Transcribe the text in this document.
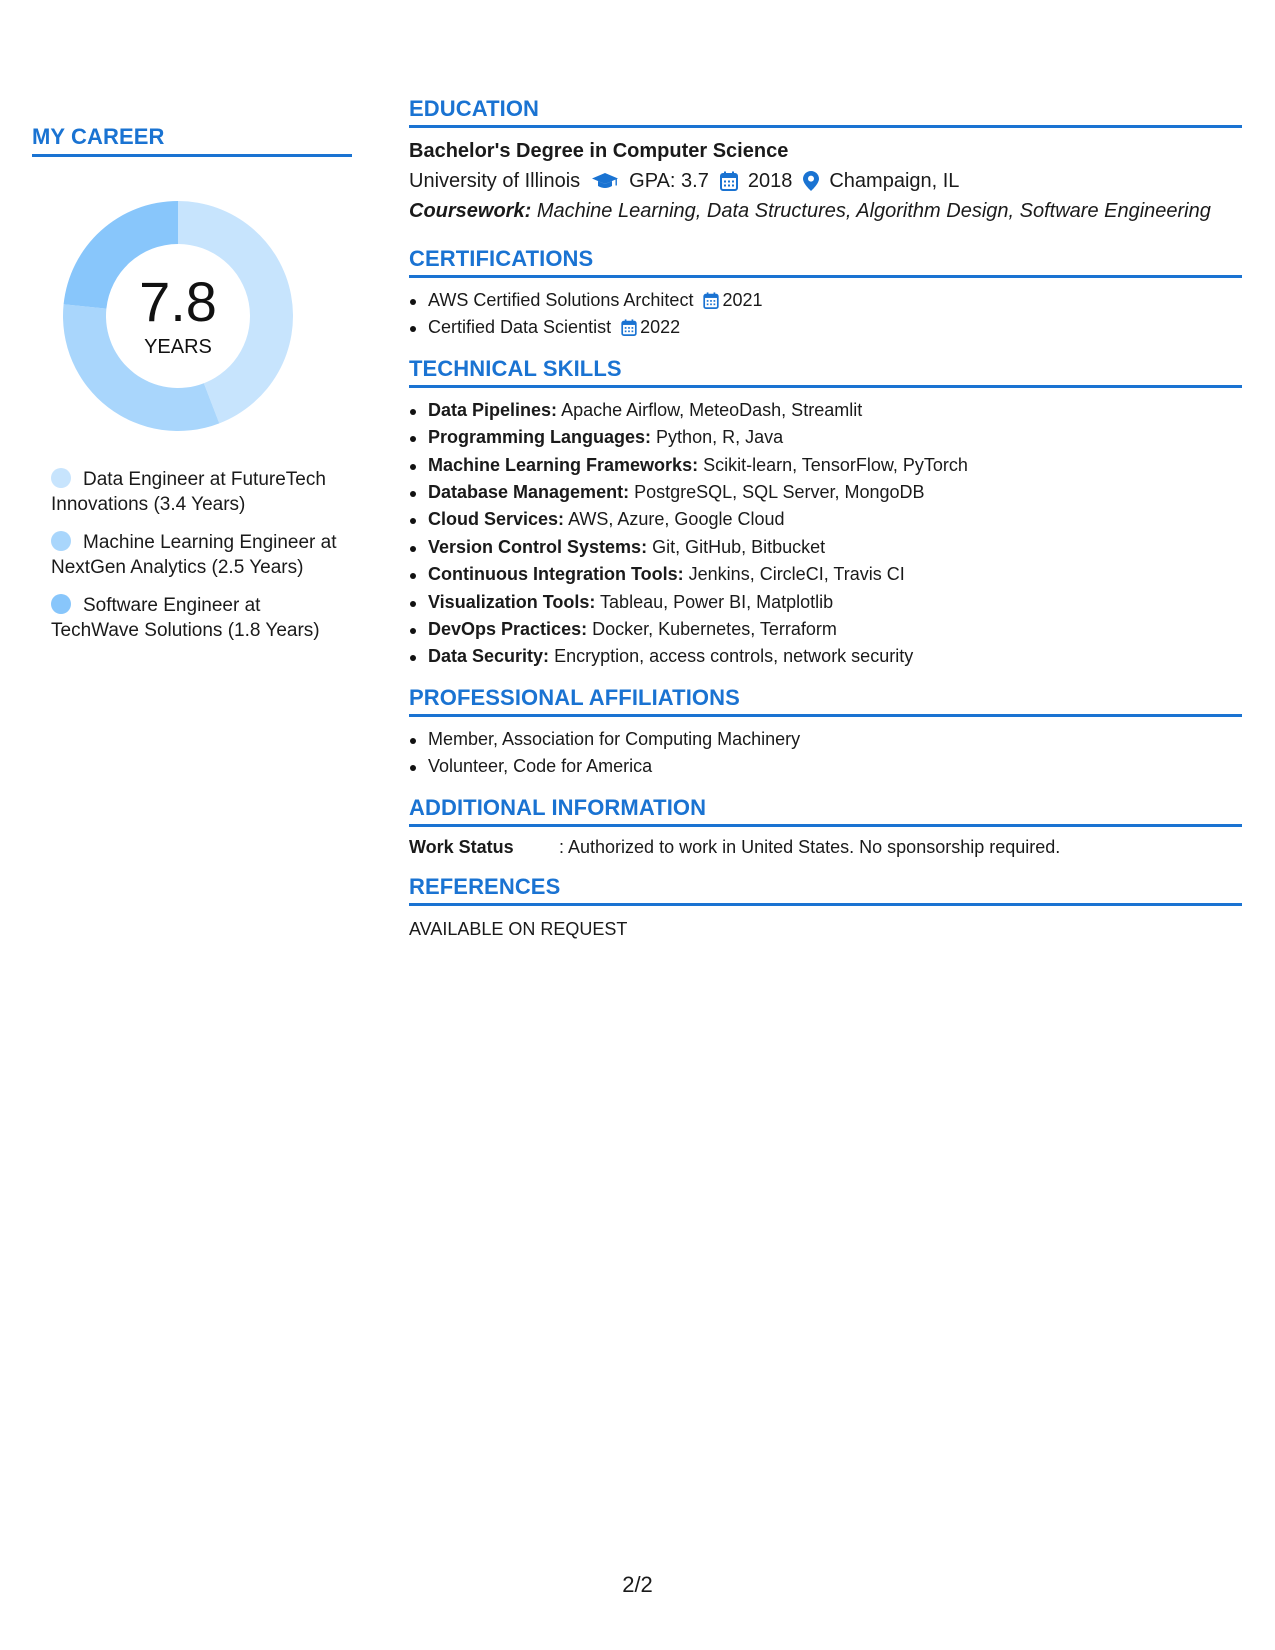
MY CAREER
7.8
YEARS
Data Engineer at FutureTech Innovations (3.4 Years)
Machine Learning Engineer at NextGen Analytics (2.5 Years)
Software Engineer at TechWave Solutions (1.8 Years)
EDUCATION
Bachelor's Degree in Computer Science
University of Illinois GPA: 3.7 2018 Champaign, IL
Coursework: Machine Learning, Data Structures, Algorithm Design, Software Engineering
CERTIFICATIONS
AWS Certified Solutions Architect 2021
Certified Data Scientist 2022
TECHNICAL SKILLS
Data Pipelines: Apache Airflow, MeteoDash, Streamlit
Programming Languages: Python, R, Java
Machine Learning Frameworks: Scikit-learn, TensorFlow, PyTorch
Database Management: PostgreSQL, SQL Server, MongoDB
Cloud Services: AWS, Azure, Google Cloud
Version Control Systems: Git, GitHub, Bitbucket
Continuous Integration Tools: Jenkins, CircleCI, Travis CI
Visualization Tools: Tableau, Power BI, Matplotlib
DevOps Practices: Docker, Kubernetes, Terraform
Data Security: Encryption, access controls, network security
PROFESSIONAL AFFILIATIONS
Member, Association for Computing Machinery
Volunteer, Code for America
ADDITIONAL INFORMATION
Work Status	: Authorized to work in United States. No sponsorship required.
REFERENCES
AVAILABLE ON REQUEST
2/2
